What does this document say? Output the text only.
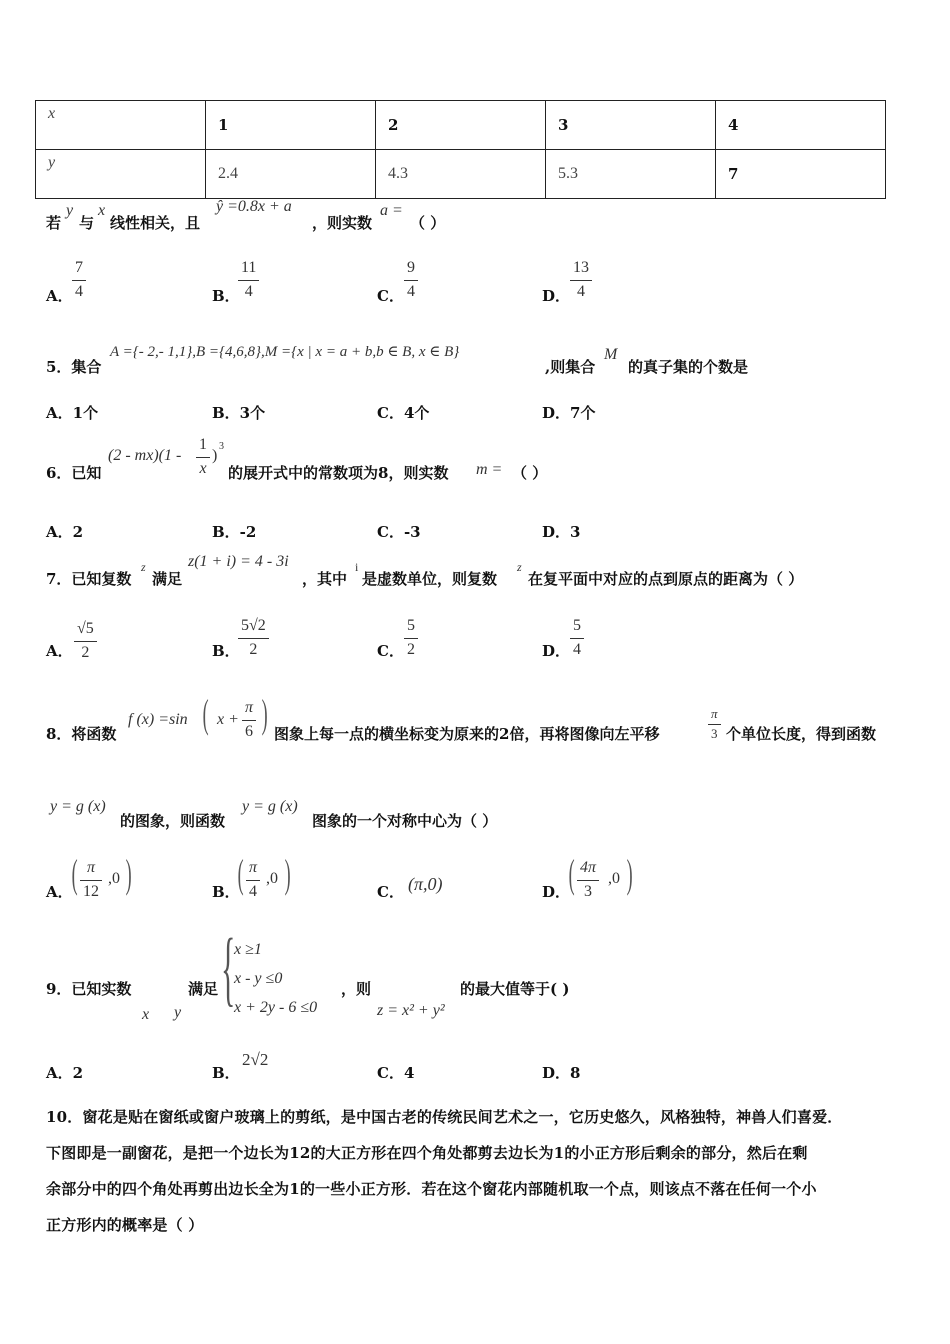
x	1	2	3	4
y	2.4	4.3	5.3	7
若
y
与
x
线性相关，且
ŷ =0.8x + a
，则实数
a =
（ ）
A．
7
4	B．
11
4	C．
9
4	D．
13
4
5．集合
A ={- 2,- 1,1},B ={4,6,8},M ={x | x = a + b,b ∈ B, x ∈ B}
,则集合
M
的真子集的个数是
A．1个	B．3个	C．4个	D．7个
6．已知
(2 - mx)(1 -
1
x
)
3
的展开式中的常数项为8，则实数 m = （ ）
A．2	B．-2	C．-3	D．3
7．已知复数
z
满足
z(1 + i) = 4 - 3i
，其中
i
是虚数单位，则复数
z
在复平面中对应的点到原点的距离为（ ）
A．
√5
2	B．
5√2
2	C．
5
2	D．
5
4
8．将函数
f (x) =sin ( x +
π
6 ) 图象上每一点的横坐标变为原来的2倍，再将图像向左平移
π
3 个单位长度，得到函数
y = g (x)
的图象，则函数
y = g (x)
图象的一个对称中心为（ ）
A． ( π
12
,0 )	B．
( π
4
,0 )	C． (π,0)	D．
( 4π
3
,0 )
9．已知实数
x y
满足 {
x ≥1
x - y ≤0
x + 2y - 6 ≤0
，则
z = x² + y²
的最大值等于( )
A．2	B．
2√2
C．4	D．8
10．窗花是贴在窗纸或窗户玻璃上的剪纸，是中国古老的传统民间艺术之一，它历史悠久，风格独特，神兽人们喜爱．
下图即是一副窗花，是把一个边长为12的大正方形在四个角处都剪去边长为1的小正方形后剩余的部分，然后在剩
余部分中的四个角处再剪出边长全为1的一些小正方形．若在这个窗花内部随机取一个点，则该点不落在任何一个小
正方形内的概率是（ ）
